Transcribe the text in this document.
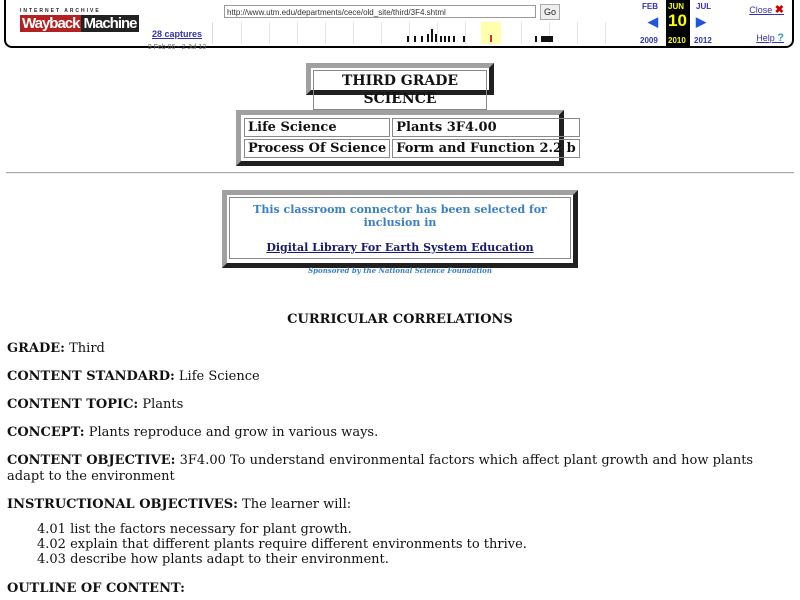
INTERNET ARCHIVE
Wayback Machine
28 captures
9 Feb 06 - 2 Jul 13
http://www.utm.edu/departments/cece/old_site/third/3F4.shtml	Go
FEB
◀
2009
JUN
10
2010
JUL
▶
2012
Close ✖
Help ?
THIRD GRADE SCIENCE
Life Science	Plants 3F4.00
Process Of Science	Form and Function 2.2 b
This classroom connector has been selected for inclusion in
Digital Library For Earth System Education
Sponsored by the National Science Foundation
CURRICULAR CORRELATIONS
GRADE: Third
CONTENT STANDARD: Life Science
CONTENT TOPIC: Plants
CONCEPT: Plants reproduce and grow in various ways.
CONTENT OBJECTIVE: 3F4.00 To understand environmental factors which affect plant growth and how plants adapt to the environment
INSTRUCTIONAL OBJECTIVES: The learner will:
4.01 list the factors necessary for plant growth.
4.02 explain that different plants require different environments to thrive.
4.03 describe how plants adapt to their environment.
OUTLINE OF CONTENT:
